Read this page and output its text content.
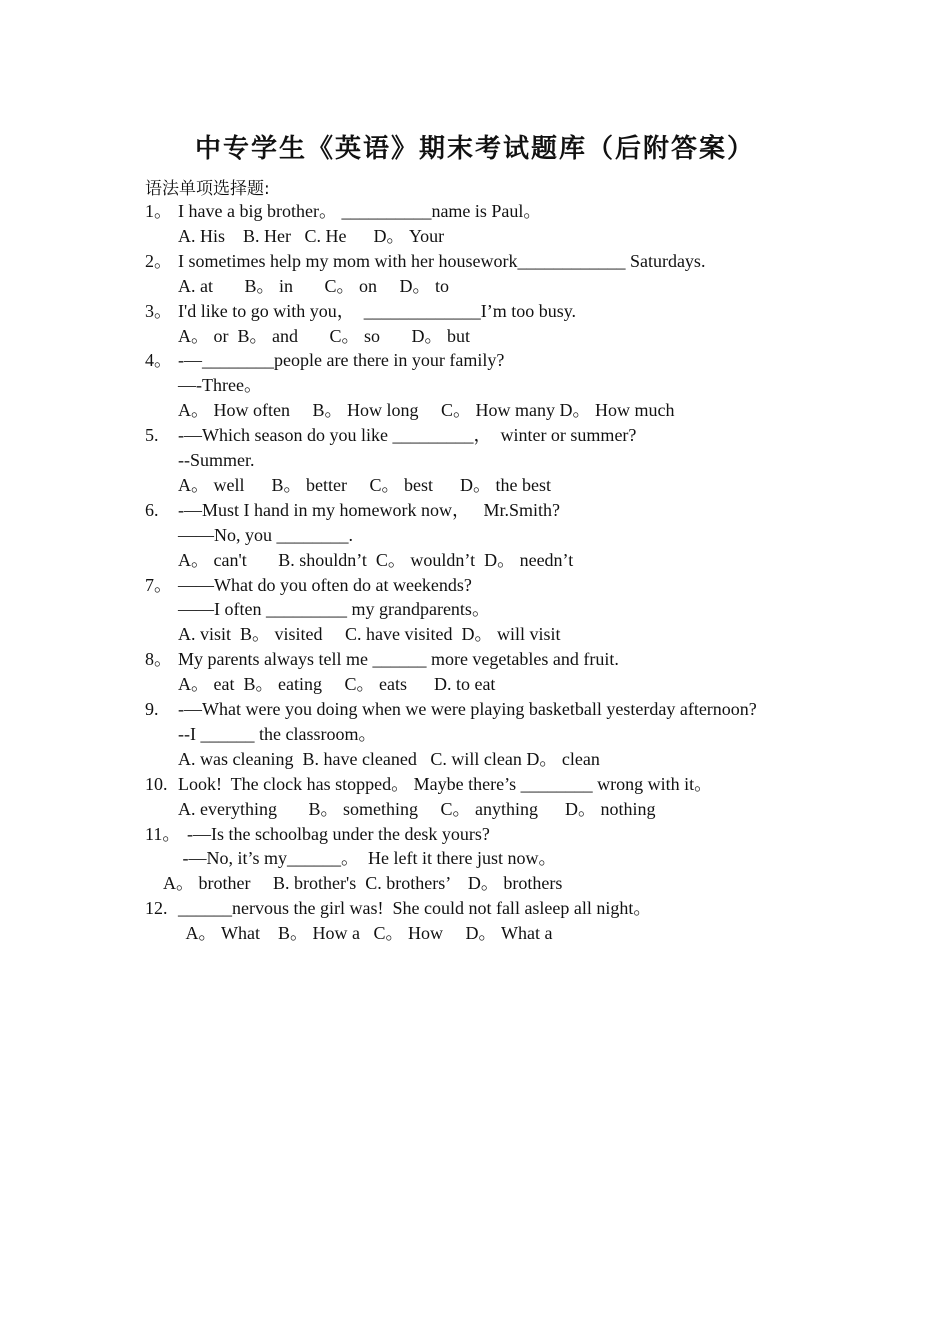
中专学生《英语》期末考试题库（后附答案）
语法单项选择题:
1。 I have a big brother。 __________name is Paul。
A. His    B. Her   C. He      D。 Your
2。 I sometimes help my mom with her housework____________ Saturdays.
A. at       B。 in       C。 on     D。 to
3。 I'd like to go with you，  _____________I’m too busy.
A。 or  B。 and       C。 so       D。 but
4。 -—________people are there in your family?
—-Three。
A。 How often     B。 How long     C。 How many D。 How much
5. -—Which season do you like _________，  winter or summer?
--Summer.
A。 well      B。 better     C。 best      D。 the best
6. -—Must I hand in my homework now，   Mr.Smith?
——No, you ________.
A。 can't       B. shouldn’t  C。 wouldn’t  D。 needn’t
7。 ——What do you often do at weekends?
——I often _________ my grandparents。
A. visit  B。 visited     C. have visited  D。 will visit
8。 My parents always tell me ______ more vegetables and fruit.
A。 eat  B。 eating     C。 eats      D. to eat
9. -—What were you doing when we were playing basketball yesterday afternoon?
--I ______ the classroom。
A. was cleaning  B. have cleaned   C. will clean D。 clean
10. Look!  The clock has stopped。 Maybe there’s ________ wrong with it。
A. everything       B。 something     C。 anything      D。 nothing
11。
-—Is the schoolbag under the desk yours?
-—No, it’s my______。  He left it there just now。
A。 brother     B. brother's  C. brothers’    D。 brothers
12. ______nervous the girl was!  She could not fall asleep all night。
A。 What    B。 How a   C。 How     D。 What a
